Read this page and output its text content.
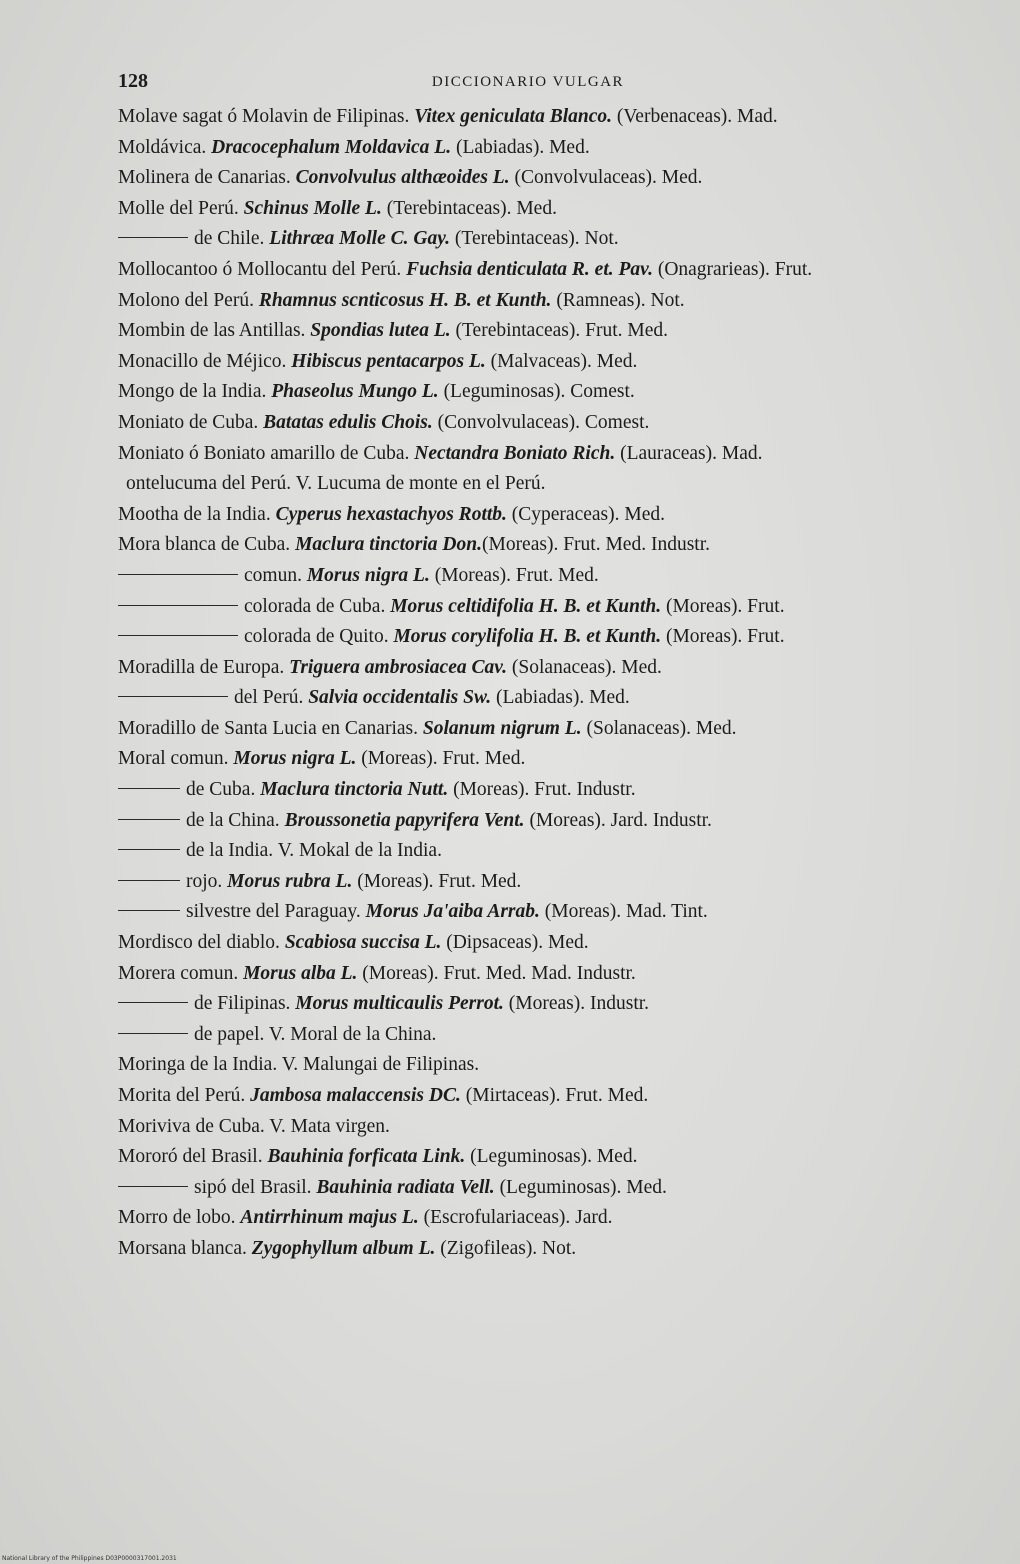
128	DICCIONARIO VULGAR
Molave sagat ó Molavin de Filipinas. Vitex geniculata Blanco. (Verbenaceas). Mad.
Moldávica. Dracocephalum Moldavica L. (Labiadas). Med.
Molinera de Canarias. Convolvulus althæoides L. (Convolvulaceas). Med.
Molle del Perú. Schinus Molle L. (Terebintaceas). Med.
de Chile. Lithræa Molle C. Gay. (Terebintaceas). Not.
Mollocantoo ó Mollocantu del Perú. Fuchsia denticulata R. et. Pav. (Onagrarieas). Frut.
Molono del Perú. Rhamnus scnticosus H. B. et Kunth. (Ramneas). Not.
Mombin de las Antillas. Spondias lutea L. (Terebintaceas). Frut. Med.
Monacillo de Méjico. Hibiscus pentacarpos L. (Malvaceas). Med.
Mongo de la India. Phaseolus Mungo L. (Leguminosas). Comest.
Moniato de Cuba. Batatas edulis Chois. (Convolvulaceas). Comest.
Moniato ó Boniato amarillo de Cuba. Nectandra Boniato Rich. (Lauraceas). Mad.
ontelucuma del Perú. V. Lucuma de monte en el Perú.
Mootha de la India. Cyperus hexastachyos Rottb. (Cyperaceas). Med.
Mora blanca de Cuba. Maclura tinctoria Don.(Moreas). Frut. Med. Industr.
comun. Morus nigra L. (Moreas). Frut. Med.
colorada de Cuba. Morus celtidifolia H. B. et Kunth. (Moreas). Frut.
colorada de Quito. Morus corylifolia H. B. et Kunth. (Moreas). Frut.
Moradilla de Europa. Triguera ambrosiacea Cav. (Solanaceas). Med.
del Perú. Salvia occidentalis Sw. (Labiadas). Med.
Moradillo de Santa Lucia en Canarias. Solanum nigrum L. (Solanaceas). Med.
Moral comun. Morus nigra L. (Moreas). Frut. Med.
de Cuba. Maclura tinctoria Nutt. (Moreas). Frut. Industr.
de la China. Broussonetia papyrifera Vent. (Moreas). Jard. Industr.
de la India. V. Mokal de la India.
rojo. Morus rubra L. (Moreas). Frut. Med.
silvestre del Paraguay. Morus Ja'aiba Arrab. (Moreas). Mad. Tint.
Mordisco del diablo. Scabiosa succisa L. (Dipsaceas). Med.
Morera comun. Morus alba L. (Moreas). Frut. Med. Mad. Industr.
de Filipinas. Morus multicaulis Perrot. (Moreas). Industr.
de papel. V. Moral de la China.
Moringa de la India. V. Malungai de Filipinas.
Morita del Perú. Jambosa malaccensis DC. (Mirtaceas). Frut. Med.
Moriviva de Cuba. V. Mata virgen.
Mororó del Brasil. Bauhinia forficata Link. (Leguminosas). Med.
sipó del Brasil. Bauhinia radiata Vell. (Leguminosas). Med.
Morro de lobo. Antirrhinum majus L. (Escrofulariaceas). Jard.
Morsana blanca. Zygophyllum album L. (Zigofileas). Not.
National Library of the Philippines D03P0000317001.2031
